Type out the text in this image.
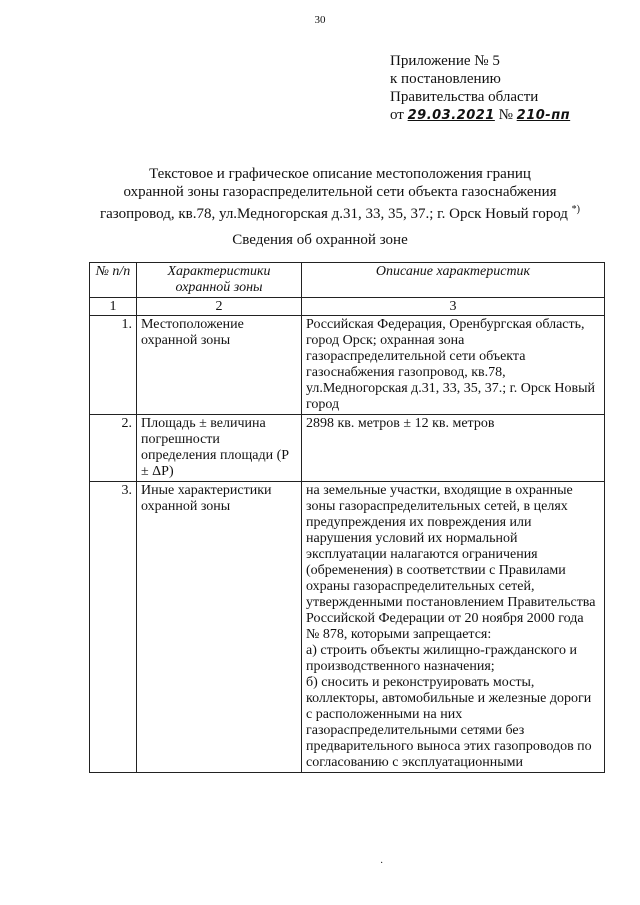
30
Приложение № 5
к постановлению
Правительства области
от 29.03.2021 № 210-пп
Текстовое и графическое описание местоположения границ
охранной зоны газораспределительной сети объекта газоснабжения
газопровод, кв.78, ул.Медногорская д.31, 33, 35, 37.; г. Орск Новый город *)
Сведения об охранной зоне
№ п/п	Характеристики охранной зоны	Описание характеристик
1	2	3
1.	Местоположение охранной зоны	Российская Федерация, Оренбургская область, город Орск; охранная зона газораспределительной сети объекта газоснабжения газопровод, кв.78, ул.Медногорская д.31, 33, 35, 37.; г. Орск Новый город
2.	Площадь ± величина погрешности определения площади (P ± ΔP)	2898 кв. метров ± 12 кв. метров
3.	Иные характеристики охранной зоны	на земельные участки, входящие в охранные зоны газораспределительных сетей, в целях предупреждения их повреждения или нарушения условий их нормальной эксплуатации налагаются ограничения (обременения) в соответствии с Правилами охраны газораспределительных сетей, утвержденными постановлением Правительства Российской Федерации от 20 ноября 2000 года № 878, которыми запрещается:
а) строить объекты жилищно-гражданского и производственного назначения;
б) сносить и реконструировать мосты, коллекторы, автомобильные и железные дороги с расположенными на них газораспределительными сетями без предварительного выноса этих газопроводов по согласованию с эксплуатационными
·
